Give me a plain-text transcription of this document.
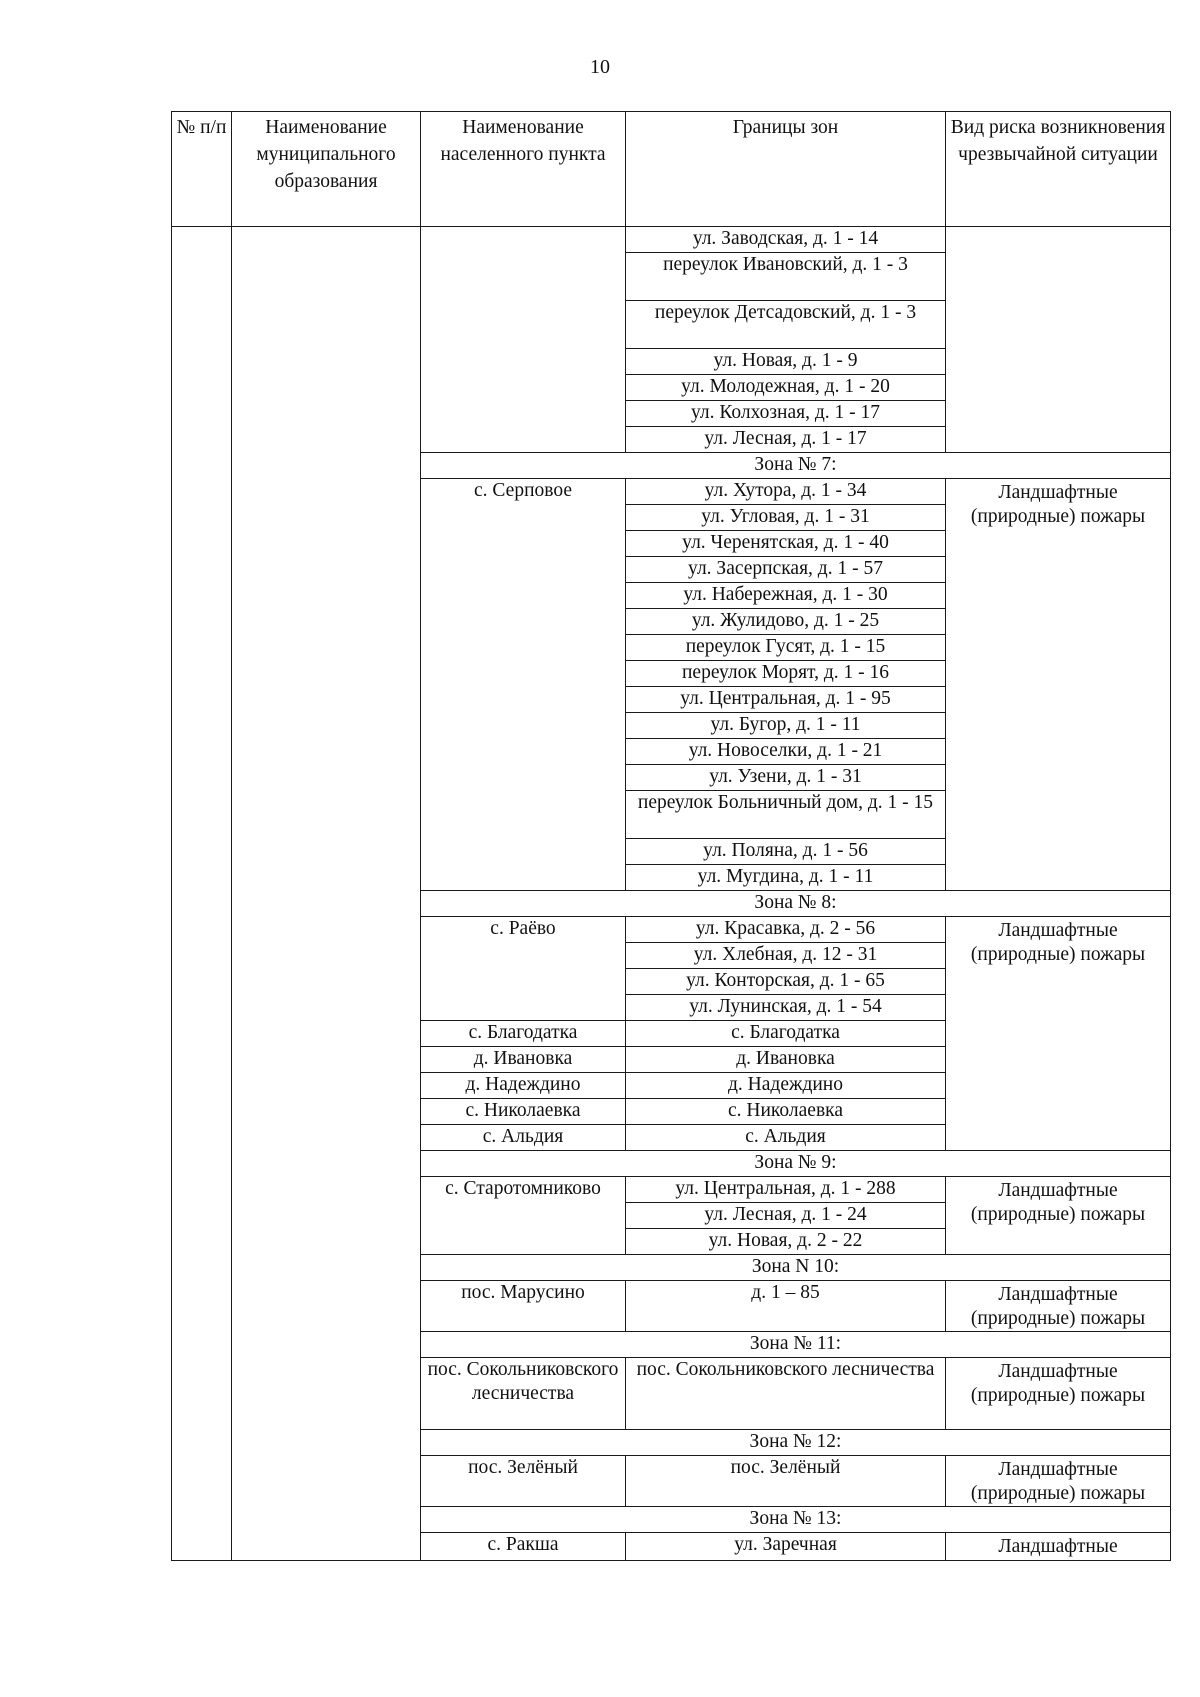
10
№ п/п	Наименование муниципального образования	Наименование населенного пункта	Границы зон	Вид риска возникновения чрезвычайной ситуации
			ул. Заводская, д. 1 - 14	
			переулок Ивановский, д. 1 - 3	
			переулок Детсадовский, д. 1 - 3	
			ул. Новая, д. 1 - 9	
			ул. Молодежная, д. 1 - 20	
			ул. Колхозная, д. 1 - 17	
			ул. Лесная, д. 1 - 17	
		Зона № 7:		
		с. Серповое	ул. Хутора, д. 1 - 34	Ландшафтные (природные) пожары
			ул. Угловая, д. 1 - 31	
			ул. Черенятская, д. 1 - 40	
			ул. Засерпская, д. 1 - 57	
			ул. Набережная, д. 1 - 30	
			ул. Жулидово, д. 1 - 25	
			переулок Гусят, д. 1 - 15	
			переулок Морят, д. 1 - 16	
			ул. Центральная, д. 1 - 95	
			ул. Бугор, д. 1 - 11	
			ул. Новоселки, д. 1 - 21	
			ул. Узени, д. 1 - 31	
			переулок Больничный дом, д. 1 - 15	
			ул. Поляна, д. 1 - 56	
			ул. Мугдина, д. 1 - 11	
		Зона № 8:		
		с. Раёво	ул. Красавка, д. 2 - 56	Ландшафтные (природные) пожары
			ул. Хлебная, д. 12 - 31	
			ул. Конторская, д. 1 - 65	
			ул. Лунинская, д. 1 - 54	
		с. Благодатка	с. Благодатка	
		д. Ивановка	д. Ивановка	
		д. Надеждино	д. Надеждино	
		с. Николаевка	с. Николаевка	
		с. Альдия	с. Альдия	
		Зона № 9:		
		с. Старотомниково	ул. Центральная, д. 1 - 288	Ландшафтные (природные) пожары
			ул. Лесная, д. 1 - 24	
			ул. Новая, д. 2 - 22	
		Зона N 10:		
		пос. Марусино	д. 1 – 85	Ландшафтные (природные) пожары
		Зона № 11:		
		пос. Сокольниковского лесничества	пос. Сокольниковского лесничества	Ландшафтные (природные) пожары
		Зона № 12:		
		пос. Зелёный	пос. Зелёный	Ландшафтные (природные) пожары
		Зона № 13:		
		с. Ракша	ул. Заречная	Ландшафтные
